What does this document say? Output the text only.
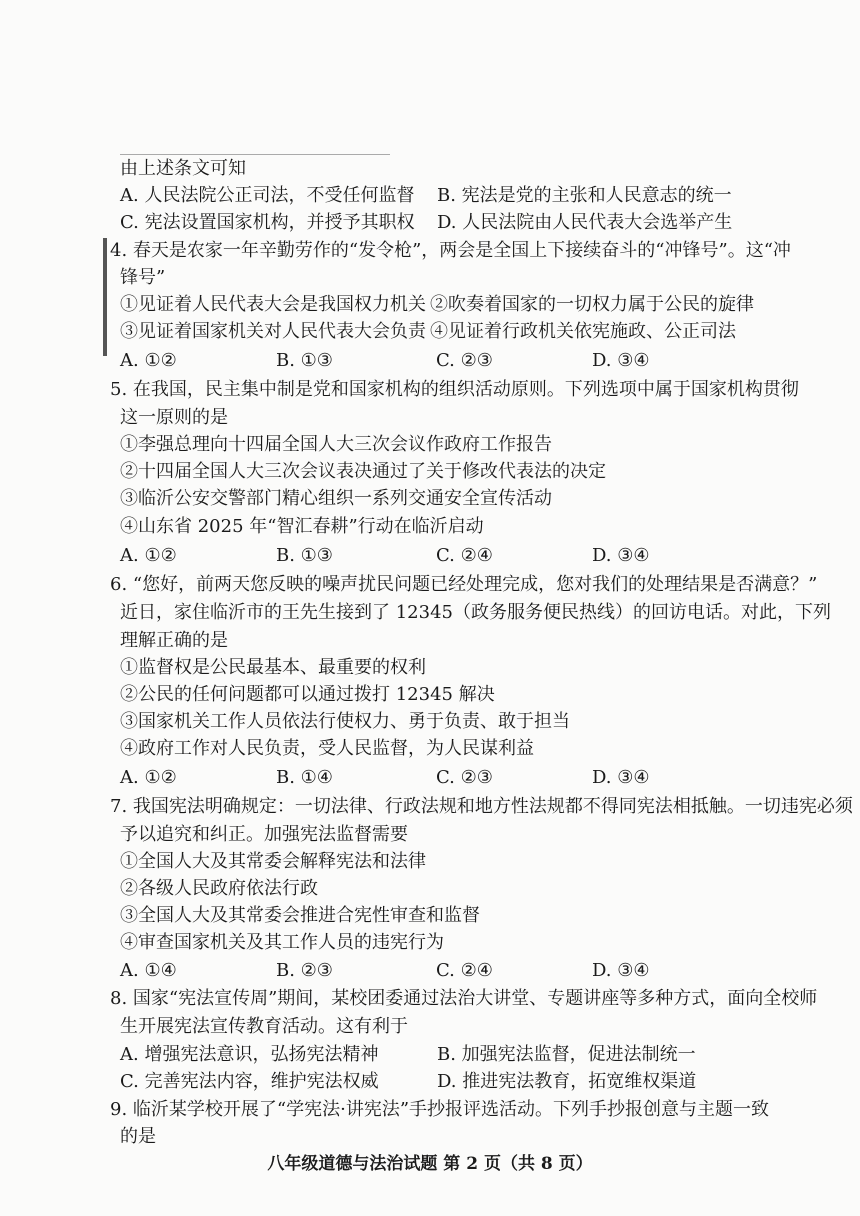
由上述条文可知
A. 人民法院公正司法，不受任何监督 B. 宪法是党的主张和人民意志的统一
C. 宪法设置国家机构，并授予其职权 D. 人民法院由人民代表大会选举产生
4. 春天是农家一年辛勤劳作的“发令枪”，两会是全国上下接续奋斗的“冲锋号”。这“冲
锋号”
①见证着人民代表大会是我国权力机关 ②吹奏着国家的一切权力属于公民的旋律
③见证着国家机关对人民代表大会负责 ④见证着行政机关依宪施政、公正司法
A. ①②	B. ①③	C. ②③	D. ③④
5. 在我国，民主集中制是党和国家机构的组织活动原则。下列选项中属于国家机构贯彻
这一原则的是
①李强总理向十四届全国人大三次会议作政府工作报告
②十四届全国人大三次会议表决通过了关于修改代表法的决定
③临沂公安交警部门精心组织一系列交通安全宣传活动
④山东省 2025 年“智汇春耕”行动在临沂启动
A. ①②	B. ①③	C. ②④	D. ③④
6. “您好，前两天您反映的噪声扰民问题已经处理完成，您对我们的处理结果是否满意？”
近日，家住临沂市的王先生接到了 12345（政务服务便民热线）的回访电话。对此，下列
理解正确的是
①监督权是公民最基本、最重要的权利
②公民的任何问题都可以通过拨打 12345 解决
③国家机关工作人员依法行使权力、勇于负责、敢于担当
④政府工作对人民负责，受人民监督，为人民谋利益
A. ①②	B. ①④	C. ②③	D. ③④
7. 我国宪法明确规定：一切法律、行政法规和地方性法规都不得同宪法相抵触。一切违宪必须
予以追究和纠正。加强宪法监督需要
①全国人大及其常委会解释宪法和法律
②各级人民政府依法行政
③全国人大及其常委会推进合宪性审查和监督
④审查国家机关及其工作人员的违宪行为
A. ①④	B. ②③	C. ②④	D. ③④
8. 国家“宪法宣传周”期间，某校团委通过法治大讲堂、专题讲座等多种方式，面向全校师
生开展宪法宣传教育活动。这有利于
A. 增强宪法意识，弘扬宪法精神	B. 加强宪法监督，促进法制统一
C. 完善宪法内容，维护宪法权威	D. 推进宪法教育，拓宽维权渠道
9. 临沂某学校开展了“学宪法·讲宪法”手抄报评选活动。下列手抄报创意与主题一致
的是
八年级道德与法治试题 第 2 页（共 8 页）
